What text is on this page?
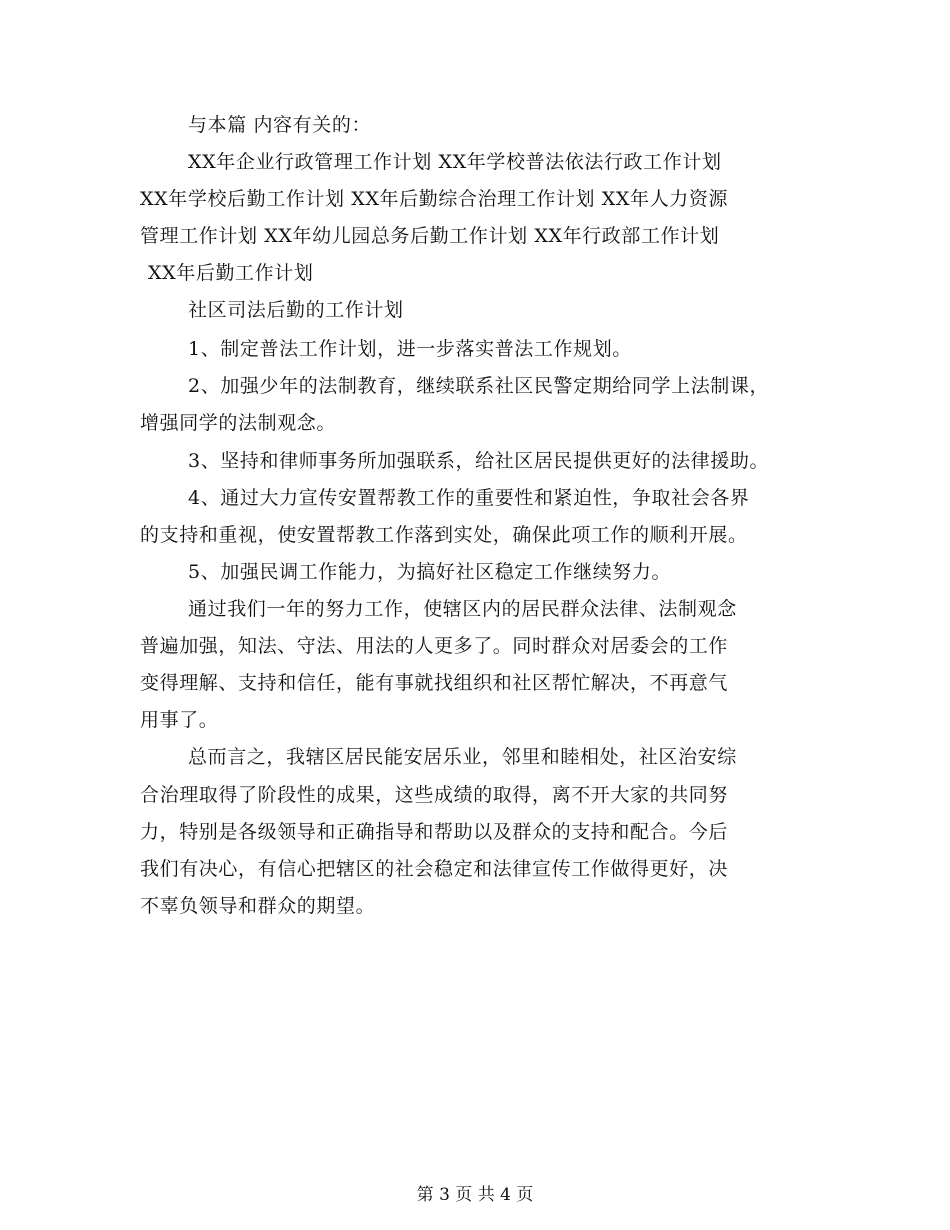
与本篇 内容有关的：
XX年企业行政管理工作计划 XX年学校普法依法行政工作计划
XX年学校后勤工作计划 XX年后勤综合治理工作计划 XX年人力资源
管理工作计划 XX年幼儿园总务后勤工作计划 XX年行政部工作计划
XX年后勤工作计划
社区司法后勤的工作计划
1、制定普法工作计划，进一步落实普法工作规划。
2、加强少年的法制教育，继续联系社区民警定期给同学上法制课，
增强同学的法制观念。
3、坚持和律师事务所加强联系，给社区居民提供更好的法律援助。
4、通过大力宣传安置帮教工作的重要性和紧迫性，争取社会各界
的支持和重视，使安置帮教工作落到实处，确保此项工作的顺利开展。
5、加强民调工作能力，为搞好社区稳定工作继续努力。
通过我们一年的努力工作，使辖区内的居民群众法律、法制观念
普遍加强，知法、守法、用法的人更多了。同时群众对居委会的工作
变得理解、支持和信任，能有事就找组织和社区帮忙解决，不再意气
用事了。
总而言之，我辖区居民能安居乐业，邻里和睦相处，社区治安综
合治理取得了阶段性的成果，这些成绩的取得，离不开大家的共同努
力，特别是各级领导和正确指导和帮助以及群众的支持和配合。今后
我们有决心，有信心把辖区的社会稳定和法律宣传工作做得更好，决
不辜负领导和群众的期望。
第 3 页 共 4 页
